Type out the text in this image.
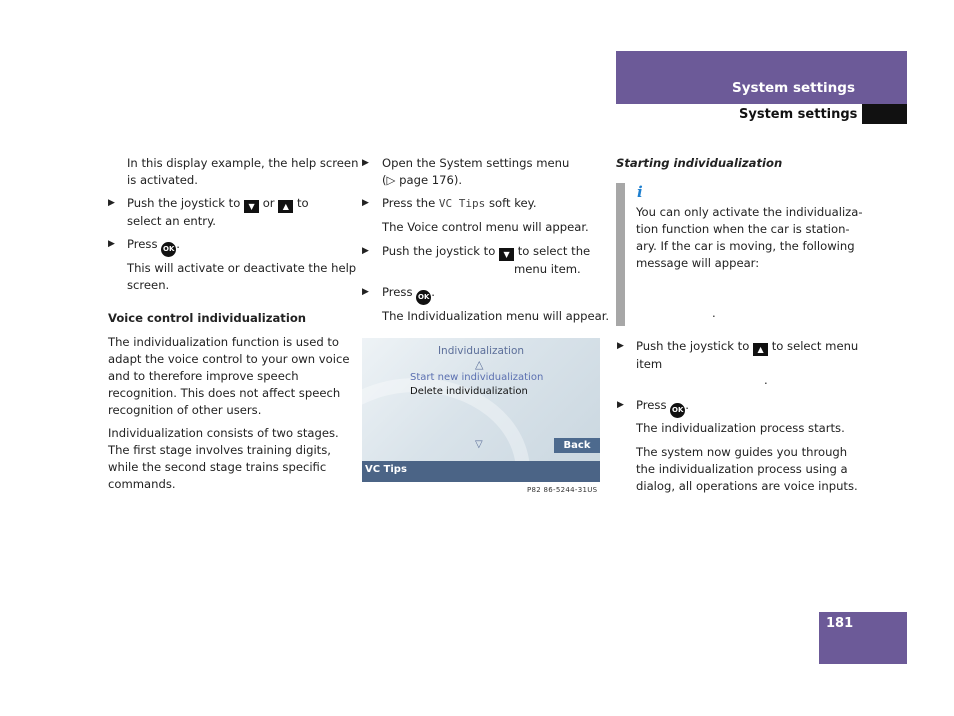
System settings
System settings
In this display example, the help screen
is activated.
▶ Push the joystick to ▼ or ▲ to
select an entry.
▶ Press OK .
This will activate or deactivate the help
screen.
Voice control individualization
The individualization function is used to
adapt the voice control to your own voice
and to therefore improve speech
recognition. This does not affect speech
recognition of other users.
Individualization consists of two stages.
The first stage involves training digits,
while the second stage trains specific
commands.
▶ Open the System settings menu
(▷ page 176).
▶ Press the VC Tips soft key.
The Voice control menu will appear.
▶ Push the joystick to ▼ to select the
menu item.
▶ Press OK .
The Individualization menu will appear.
Individualization
△
Start new individualization
Delete individualization
▽	Back
VC Tips
P82 86-5244-31US
Starting individualization
i
You can only activate the individualiza-
tion function when the car is station-
ary. If the car is moving, the following
message will appear:
.
▶ Push the joystick to ▲ to select menu
item
.
▶ Press OK .
The individualization process starts.
The system now guides you through
the individualization process using a
dialog, all operations are voice inputs.
181
